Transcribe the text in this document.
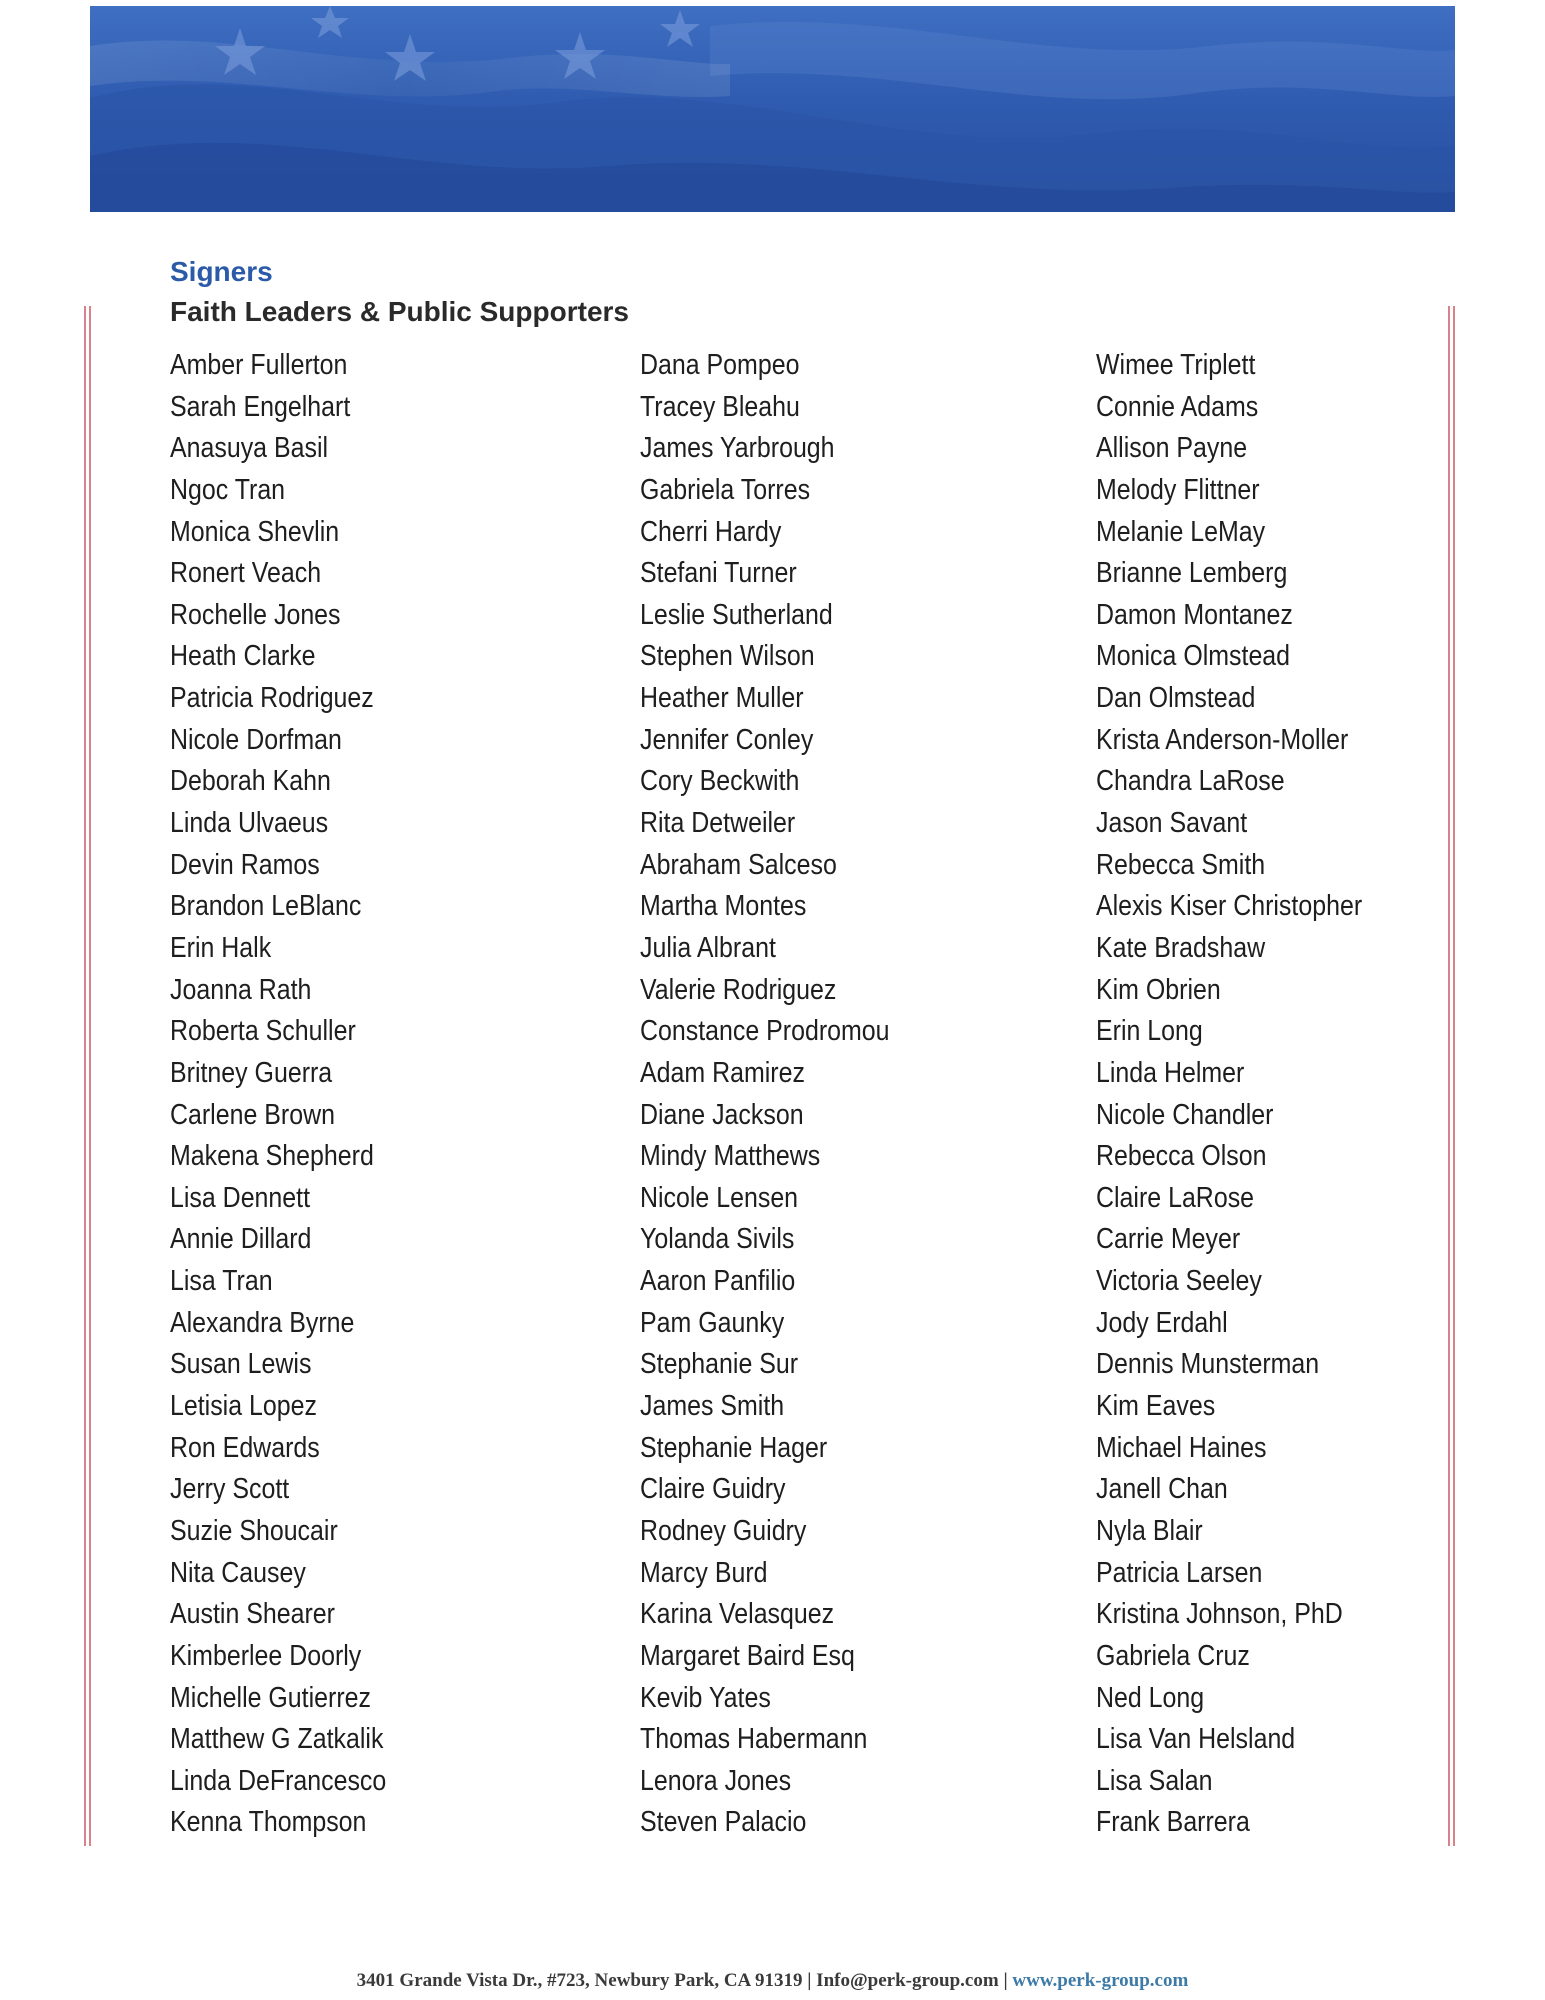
Signers
Faith Leaders & Public Supporters
Amber Fullerton
Sarah Engelhart
Anasuya Basil
Ngoc Tran
Monica Shevlin
Ronert Veach
Rochelle Jones
Heath Clarke
Patricia Rodriguez
Nicole Dorfman
Deborah Kahn
Linda Ulvaeus
Devin Ramos
Brandon LeBlanc
Erin Halk
Joanna Rath
Roberta Schuller
Britney Guerra
Carlene Brown
Makena Shepherd
Lisa Dennett
Annie Dillard
Lisa Tran
Alexandra Byrne
Susan Lewis
Letisia Lopez
Ron Edwards
Jerry Scott
Suzie Shoucair
Nita Causey
Austin Shearer
Kimberlee Doorly
Michelle Gutierrez
Matthew G Zatkalik
Linda DeFrancesco
Kenna Thompson
Dana Pompeo
Tracey Bleahu
James Yarbrough
Gabriela Torres
Cherri Hardy
Stefani Turner
Leslie Sutherland
Stephen Wilson
Heather Muller
Jennifer Conley
Cory Beckwith
Rita Detweiler
Abraham Salceso
Martha Montes
Julia Albrant
Valerie Rodriguez
Constance Prodromou
Adam Ramirez
Diane Jackson
Mindy Matthews
Nicole Lensen
Yolanda Sivils
Aaron Panfilio
Pam Gaunky
Stephanie Sur
James Smith
Stephanie Hager
Claire Guidry
Rodney Guidry
Marcy Burd
Karina Velasquez
Margaret Baird Esq
Kevib Yates
Thomas Habermann
Lenora Jones
Steven Palacio
Wimee Triplett
Connie Adams
Allison Payne
Melody Flittner
Melanie LeMay
Brianne Lemberg
Damon Montanez
Monica Olmstead
Dan Olmstead
Krista Anderson-Moller
Chandra LaRose
Jason Savant
Rebecca Smith
Alexis Kiser Christopher
Kate Bradshaw
Kim Obrien
Erin Long
Linda Helmer
Nicole Chandler
Rebecca Olson
Claire LaRose
Carrie Meyer
Victoria Seeley
Jody Erdahl
Dennis Munsterman
Kim Eaves
Michael Haines
Janell Chan
Nyla Blair
Patricia Larsen
Kristina Johnson, PhD
Gabriela Cruz
Ned Long
Lisa Van Helsland
Lisa Salan
Frank Barrera
3401 Grande Vista Dr., #723, Newbury Park, CA 91319 | Info@perk-group.com | www.perk-group.com
